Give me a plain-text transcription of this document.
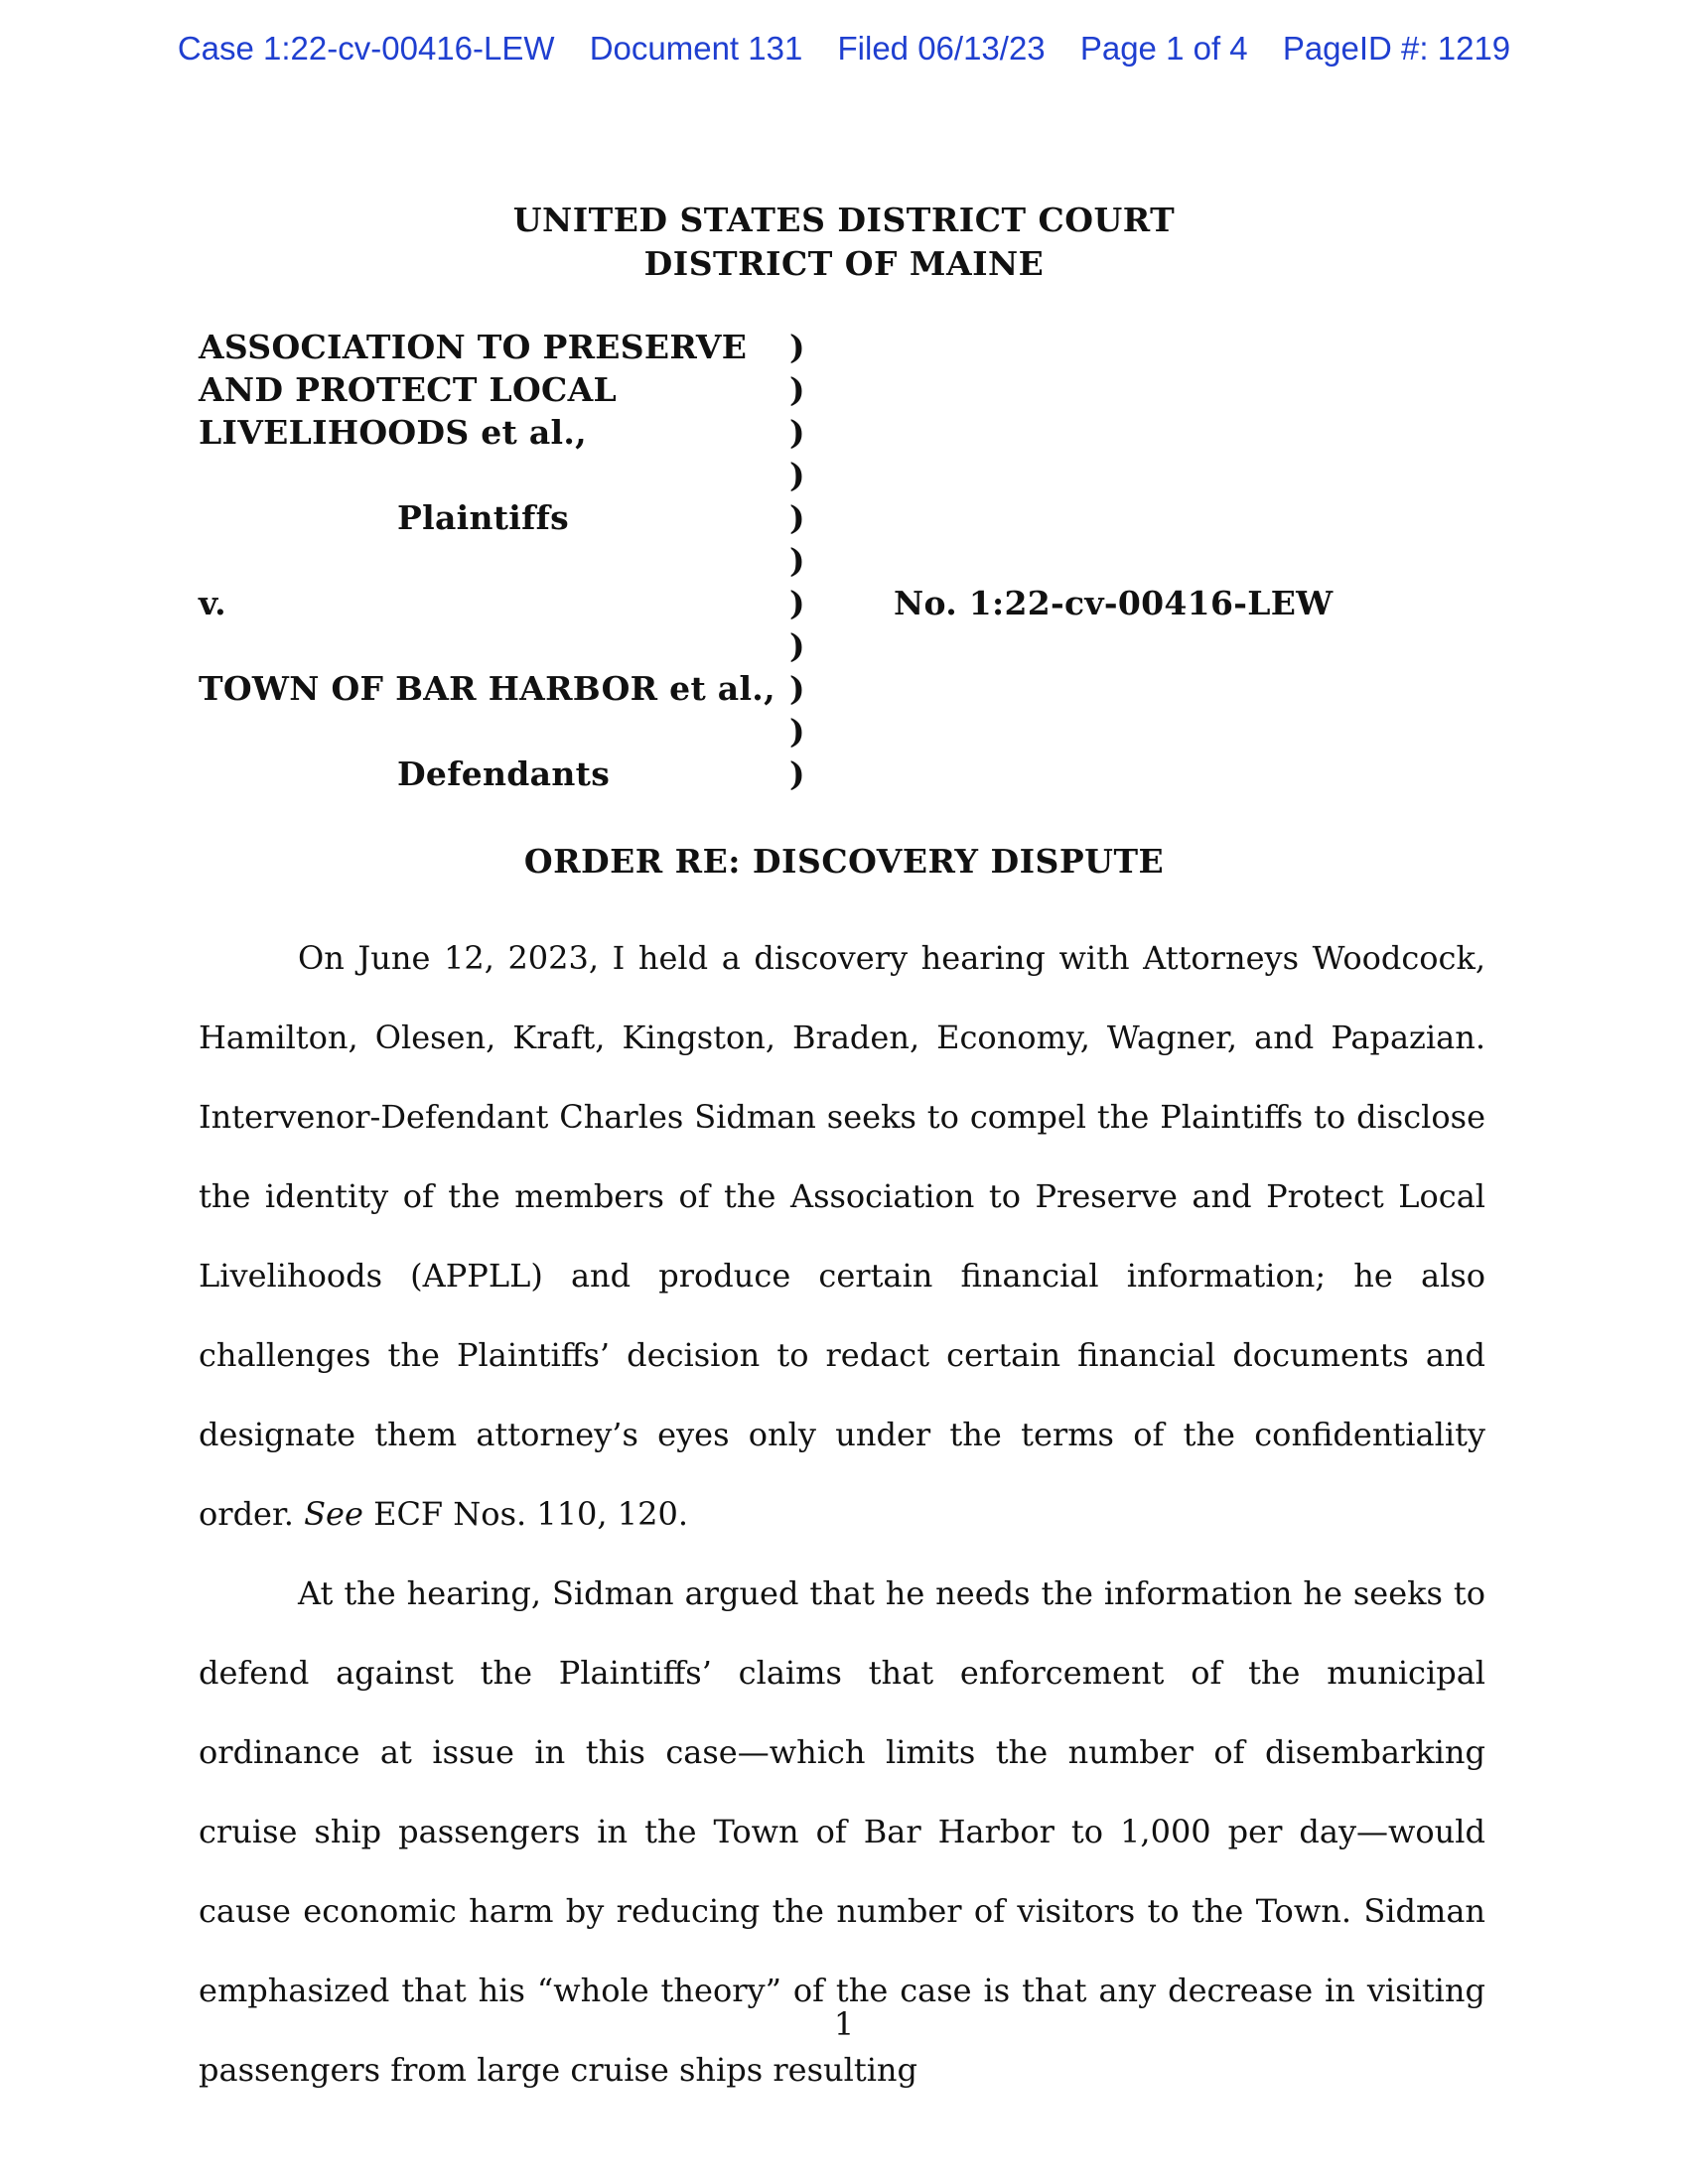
Case 1:22-cv-00416-LEW Document 131 Filed 06/13/23 Page 1 of 4 PageID #: 1219
UNITED STATES DISTRICT COURT
DISTRICT OF MAINE
ASSOCIATION TO PRESERVE )
AND PROTECT LOCAL	)
LIVELIHOODS et al.,	)
)
Plaintiffs	)
)
v.	)	No. 1:22-cv-00416-LEW
)
TOWN OF BAR HARBOR et al., )
)
Defendants	)
ORDER RE: DISCOVERY DISPUTE

On June 12, 2023, I held a discovery hearing with Attorneys Woodcock, Hamilton, Olesen, Kraft, Kingston, Braden, Economy, Wagner, and Papazian. Intervenor-Defendant Charles Sidman seeks to compel the Plaintiffs to disclose the identity of the members of the Association to Preserve and Protect Local Livelihoods (APPLL) and produce certain financial information; he also challenges the Plaintiffs’ decision to redact certain financial documents and designate them attorney’s eyes only under the terms of the confidentiality order. See ECF Nos. 110, 120.

At the hearing, Sidman argued that he needs the information he seeks to defend against the Plaintiffs’ claims that enforcement of the municipal ordinance at issue in this case—which limits the number of disembarking cruise ship passengers in the Town of Bar Harbor to 1,000 per day—would cause economic harm by reducing the number of visitors to the Town. Sidman emphasized that his “whole theory” of the case is that any decrease in visiting passengers from large cruise ships resulting

1
